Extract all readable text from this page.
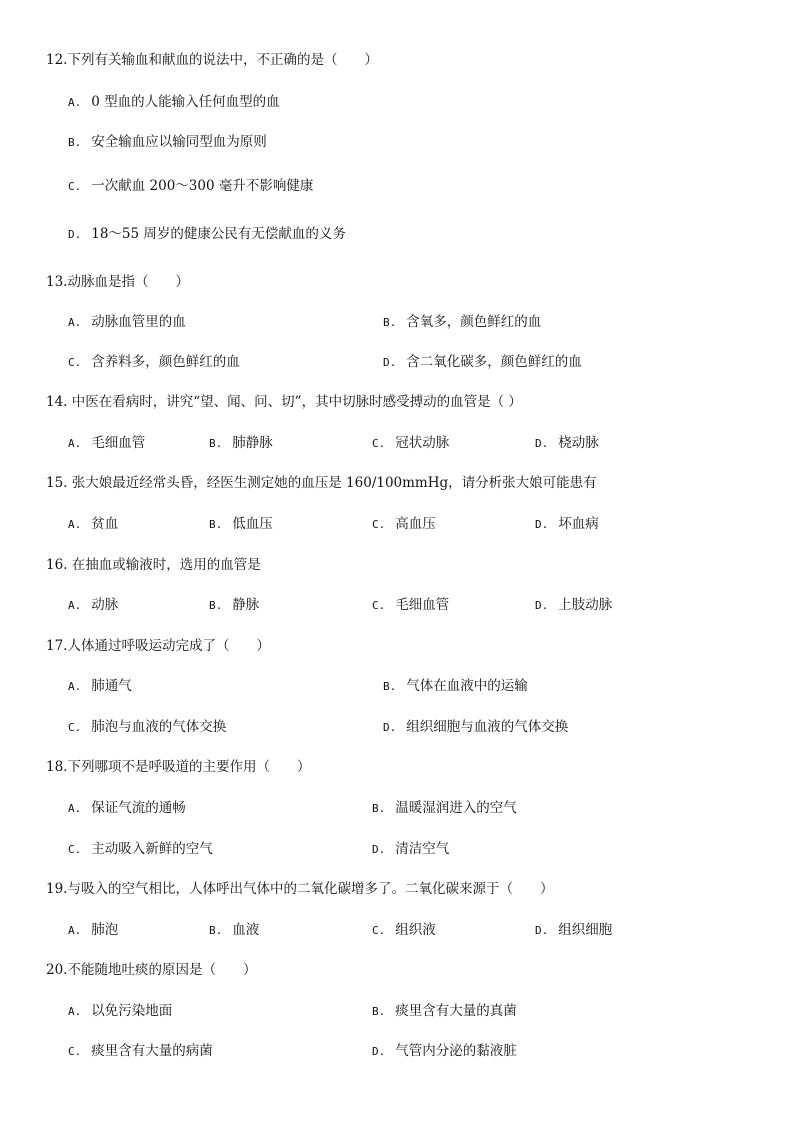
12.下列有关输血和献血的说法中，不正确的是（　　）
A. 0 型血的人能输入任何血型的血
B. 安全输血应以输同型血为原则
C. 一次献血 200～300 毫升不影响健康
D. 18～55 周岁的健康公民有无偿献血的义务
13.动脉血是指（　　）
A. 动脉血管里的血	B. 含氧多，颜色鲜红的血
C. 含养料多，颜色鲜红的血	D. 含二氧化碳多，颜色鲜红的血
14. 中医在看病时，讲究“望、闻、问、切”，其中切脉时感受搏动的血管是（ ）
A. 毛细血管	B. 肺静脉	C. 冠状动脉	D. 桡动脉
15. 张大娘最近经常头昏，经医生测定她的血压是 160/100mmHg，请分析张大娘可能患有
A. 贫血	B. 低血压	C. 高血压	D. 坏血病
16. 在抽血或输液时，选用的血管是
A. 动脉	B. 静脉	C. 毛细血管	D. 上肢动脉
17.人体通过呼吸运动完成了（　　）
A. 肺通气	B. 气体在血液中的运输
C. 肺泡与血液的气体交换	D. 组织细胞与血液的气体交换
18.下列哪项不是呼吸道的主要作用（　　）
A. 保证气流的通畅	B. 温暖湿润进入的空气
C. 主动吸入新鲜的空气	D. 清洁空气
19.与吸入的空气相比，人体呼出气体中的二氧化碳增多了。二氧化碳来源于（　　）
A. 肺泡	B. 血液	C. 组织液	D. 组织细胞
20.不能随地吐痰的原因是（　　）
A. 以免污染地面	B. 痰里含有大量的真菌
C. 痰里含有大量的病菌	D. 气管内分泌的黏液脏
